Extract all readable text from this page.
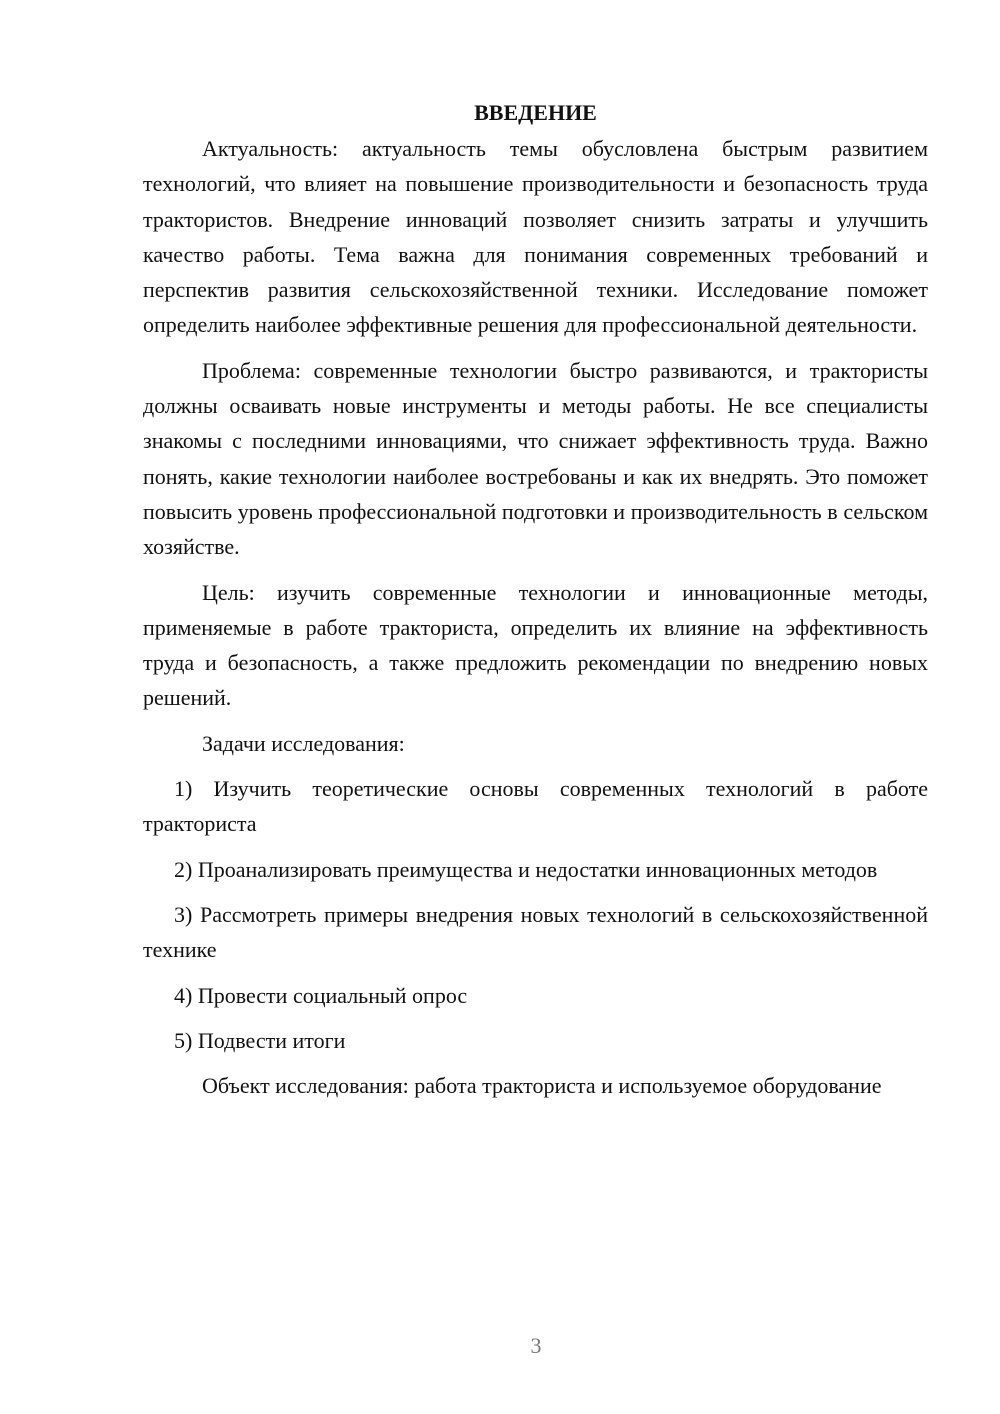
ВВЕДЕНИЕ

Актуальность: актуальность темы обусловлена быстрым развитием технологий, что влияет на повышение производительности и безопасность труда трактористов. Внедрение инноваций позволяет снизить затраты и улучшить качество работы. Тема важна для понимания современных требований и перспектив развития сельскохозяйственной техники. Исследование поможет определить наиболее эффективные решения для профессиональной деятельности.

Проблема: современные технологии быстро развиваются, и трактористы должны осваивать новые инструменты и методы работы. Не все специалисты знакомы с последними инновациями, что снижает эффективность труда. Важно понять, какие технологии наиболее востребованы и как их внедрять. Это поможет повысить уровень профессиональной подготовки и производительность в сельском хозяйстве.

Цель: изучить современные технологии и инновационные методы, применяемые в работе тракториста, определить их влияние на эффективность труда и безопасность, а также предложить рекомендации по внедрению новых решений.

Задачи исследования:

1) Изучить теоретические основы современных технологий в работе тракториста

2) Проанализировать преимущества и недостатки инновационных методов

3) Рассмотреть примеры внедрения новых технологий в сельскохозяйственной технике

4) Провести социальный опрос

5) Подвести итоги

Объект исследования: работа тракториста и используемое оборудование

3
